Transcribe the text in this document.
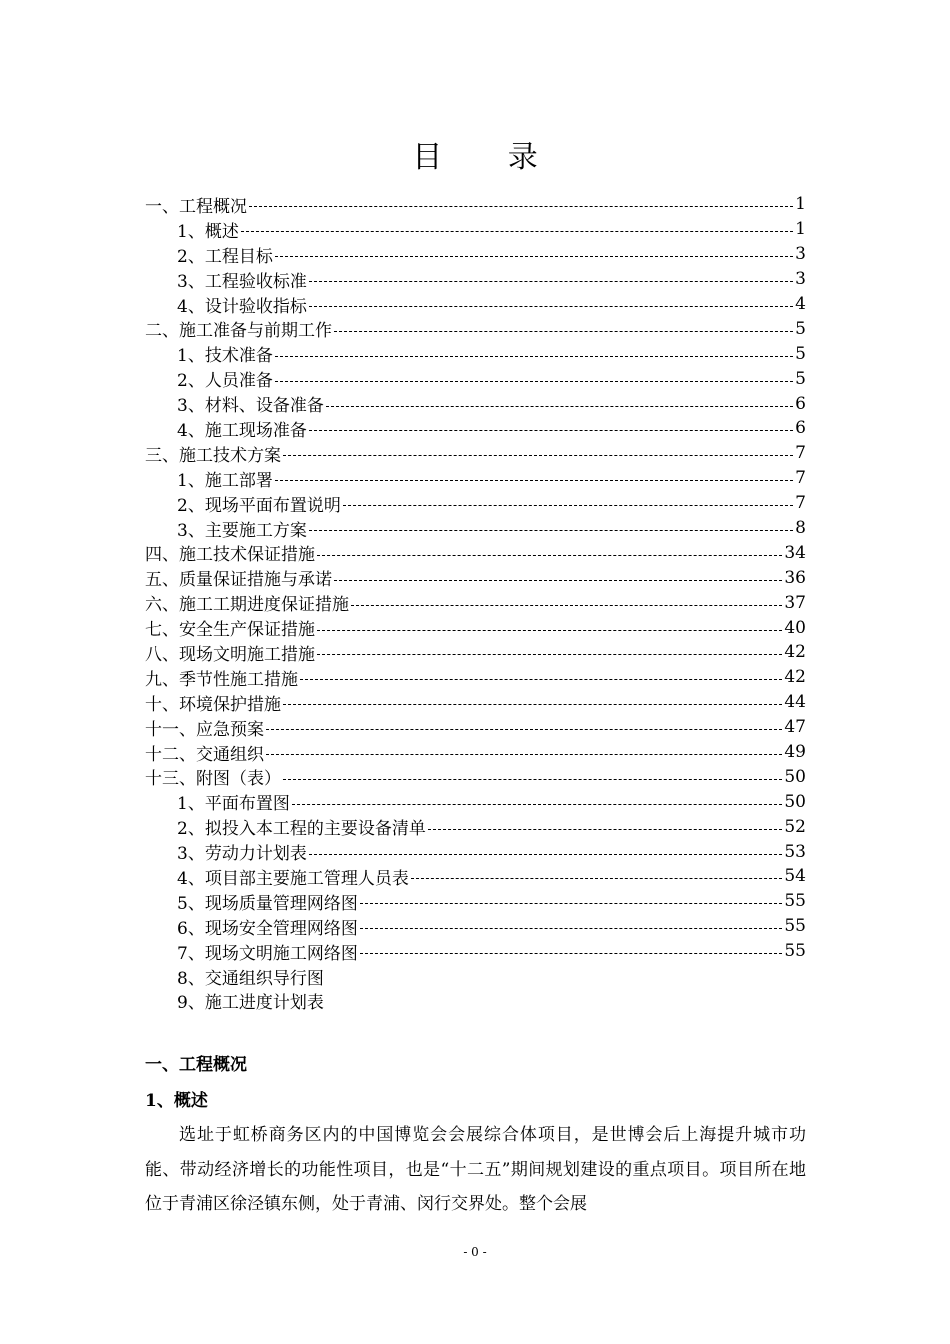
目 录
一、工程概况	1
1、概述	1
2、工程目标	3
3、工程验收标准	3
4、设计验收指标	4
二、施工准备与前期工作	5
1、技术准备	5
2、人员准备	5
3、材料、设备准备	6
4、施工现场准备	6
三、施工技术方案	7
1、施工部署	7
2、现场平面布置说明	7
3、主要施工方案	8
四、施工技术保证措施	34
五、质量保证措施与承诺	36
六、施工工期进度保证措施	37
七、安全生产保证措施	40
八、现场文明施工措施	42
九、季节性施工措施	42
十、环境保护措施	44
十一、应急预案	47
十二、交通组织	49
十三、附图（表）	50
1、平面布置图	50
2、拟投入本工程的主要设备清单	52
3、劳动力计划表	53
4、项目部主要施工管理人员表	54
5、现场质量管理网络图	55
6、现场安全管理网络图	55
7、现场文明施工网络图	55
8、交通组织导行图
9、施工进度计划表
一、工程概况
1、概述
选址于虹桥商务区内的中国博览会会展综合体项目，是世博会后上海提升城市功能、带动经济增长的功能性项目，也是“十二五”期间规划建设的重点项目。项目所在地位于青浦区徐泾镇东侧，处于青浦、闵行交界处。整个会展
- 0 -
